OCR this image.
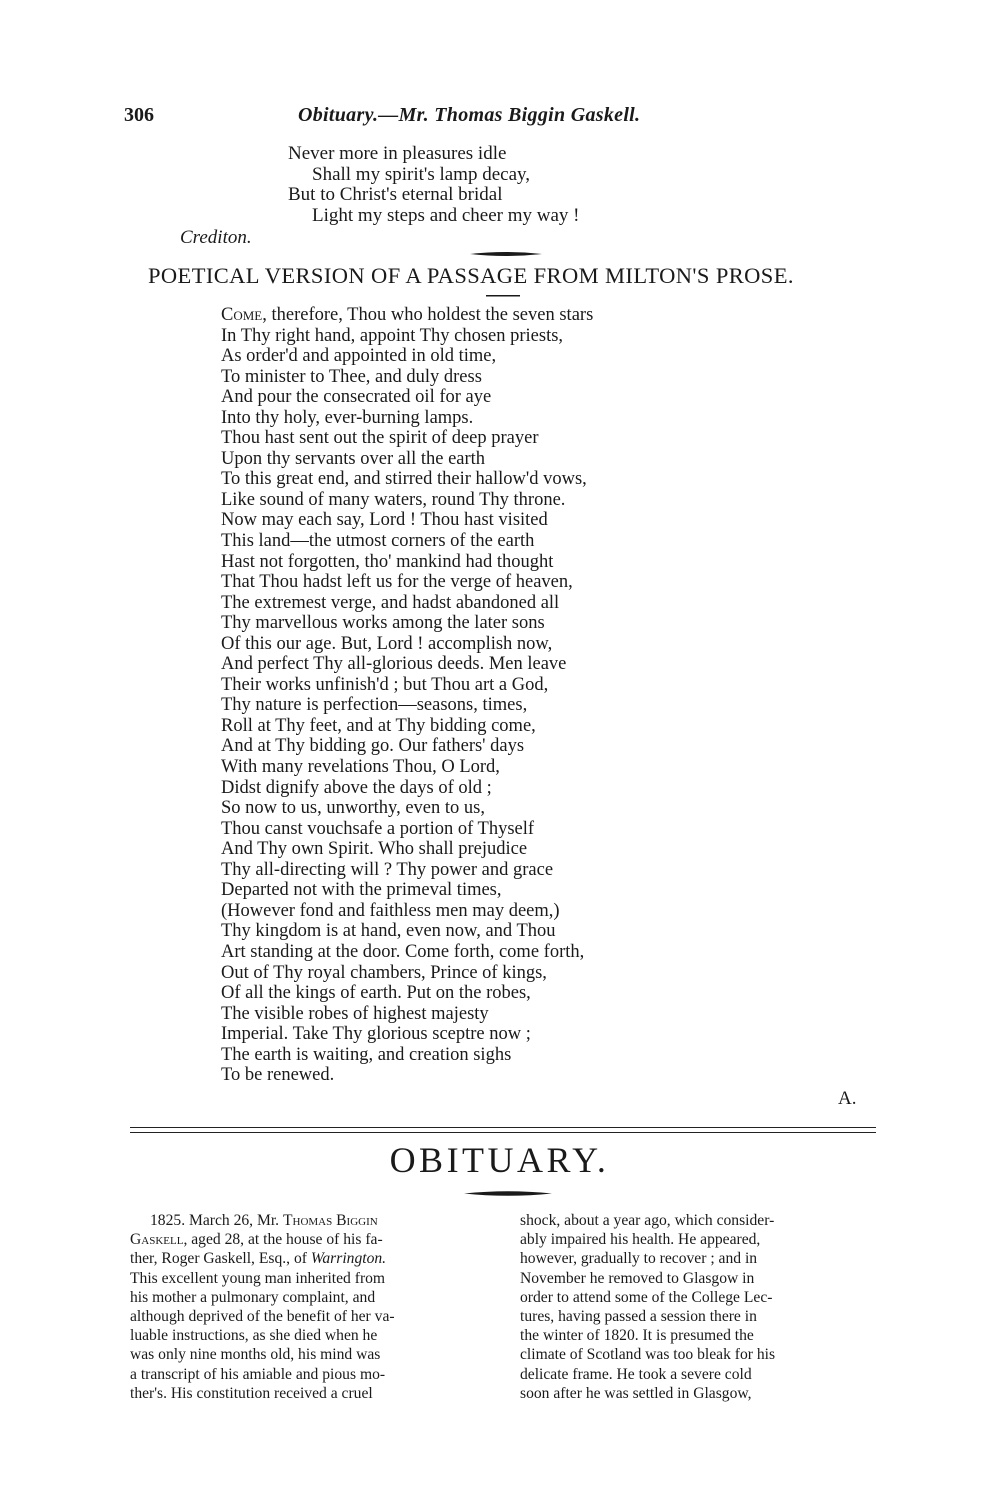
306	Obituary.—Mr. Thomas Biggin Gaskell.
Never more in pleasures idle
Shall my spirit's lamp decay,
But to Christ's eternal bridal
Light my steps and cheer my way !
Crediton.
POETICAL VERSION OF A PASSAGE FROM MILTON'S PROSE.
Come, therefore, Thou who holdest the seven stars
In Thy right hand, appoint Thy chosen priests,
As order'd and appointed in old time,
To minister to Thee, and duly dress
And pour the consecrated oil for aye
Into thy holy, ever-burning lamps.
Thou hast sent out the spirit of deep prayer
Upon thy servants over all the earth
To this great end, and stirred their hallow'd vows,
Like sound of many waters, round Thy throne.
Now may each say, Lord ! Thou hast visited
This land—the utmost corners of the earth
Hast not forgotten, tho' mankind had thought
That Thou hadst left us for the verge of heaven,
The extremest verge, and hadst abandoned all
Thy marvellous works among the later sons
Of this our age. But, Lord ! accomplish now,
And perfect Thy all-glorious deeds. Men leave
Their works unfinish'd ; but Thou art a God,
Thy nature is perfection—seasons, times,
Roll at Thy feet, and at Thy bidding come,
And at Thy bidding go. Our fathers' days
With many revelations Thou, O Lord,
Didst dignify above the days of old ;
So now to us, unworthy, even to us,
Thou canst vouchsafe a portion of Thyself
And Thy own Spirit. Who shall prejudice
Thy all-directing will ? Thy power and grace
Departed not with the primeval times,
(However fond and faithless men may deem,)
Thy kingdom is at hand, even now, and Thou
Art standing at the door. Come forth, come forth,
Out of Thy royal chambers, Prince of kings,
Of all the kings of earth. Put on the robes,
The visible robes of highest majesty
Imperial. Take Thy glorious sceptre now ;
The earth is waiting, and creation sighs
To be renewed.
A.
OBITUARY.
1825. March 26, Mr. Thomas Biggin
Gaskell, aged 28, at the house of his fa-
ther, Roger Gaskell, Esq., of Warrington.
This excellent young man inherited from
his mother a pulmonary complaint, and
although deprived of the benefit of her va-
luable instructions, as she died when he
was only nine months old, his mind was
a transcript of his amiable and pious mo-
ther's. His constitution received a cruel
shock, about a year ago, which consider-
ably impaired his health. He appeared,
however, gradually to recover ; and in
November he removed to Glasgow in
order to attend some of the College Lec-
tures, having passed a session there in
the winter of 1820. It is presumed the
climate of Scotland was too bleak for his
delicate frame. He took a severe cold
soon after he was settled in Glasgow,
